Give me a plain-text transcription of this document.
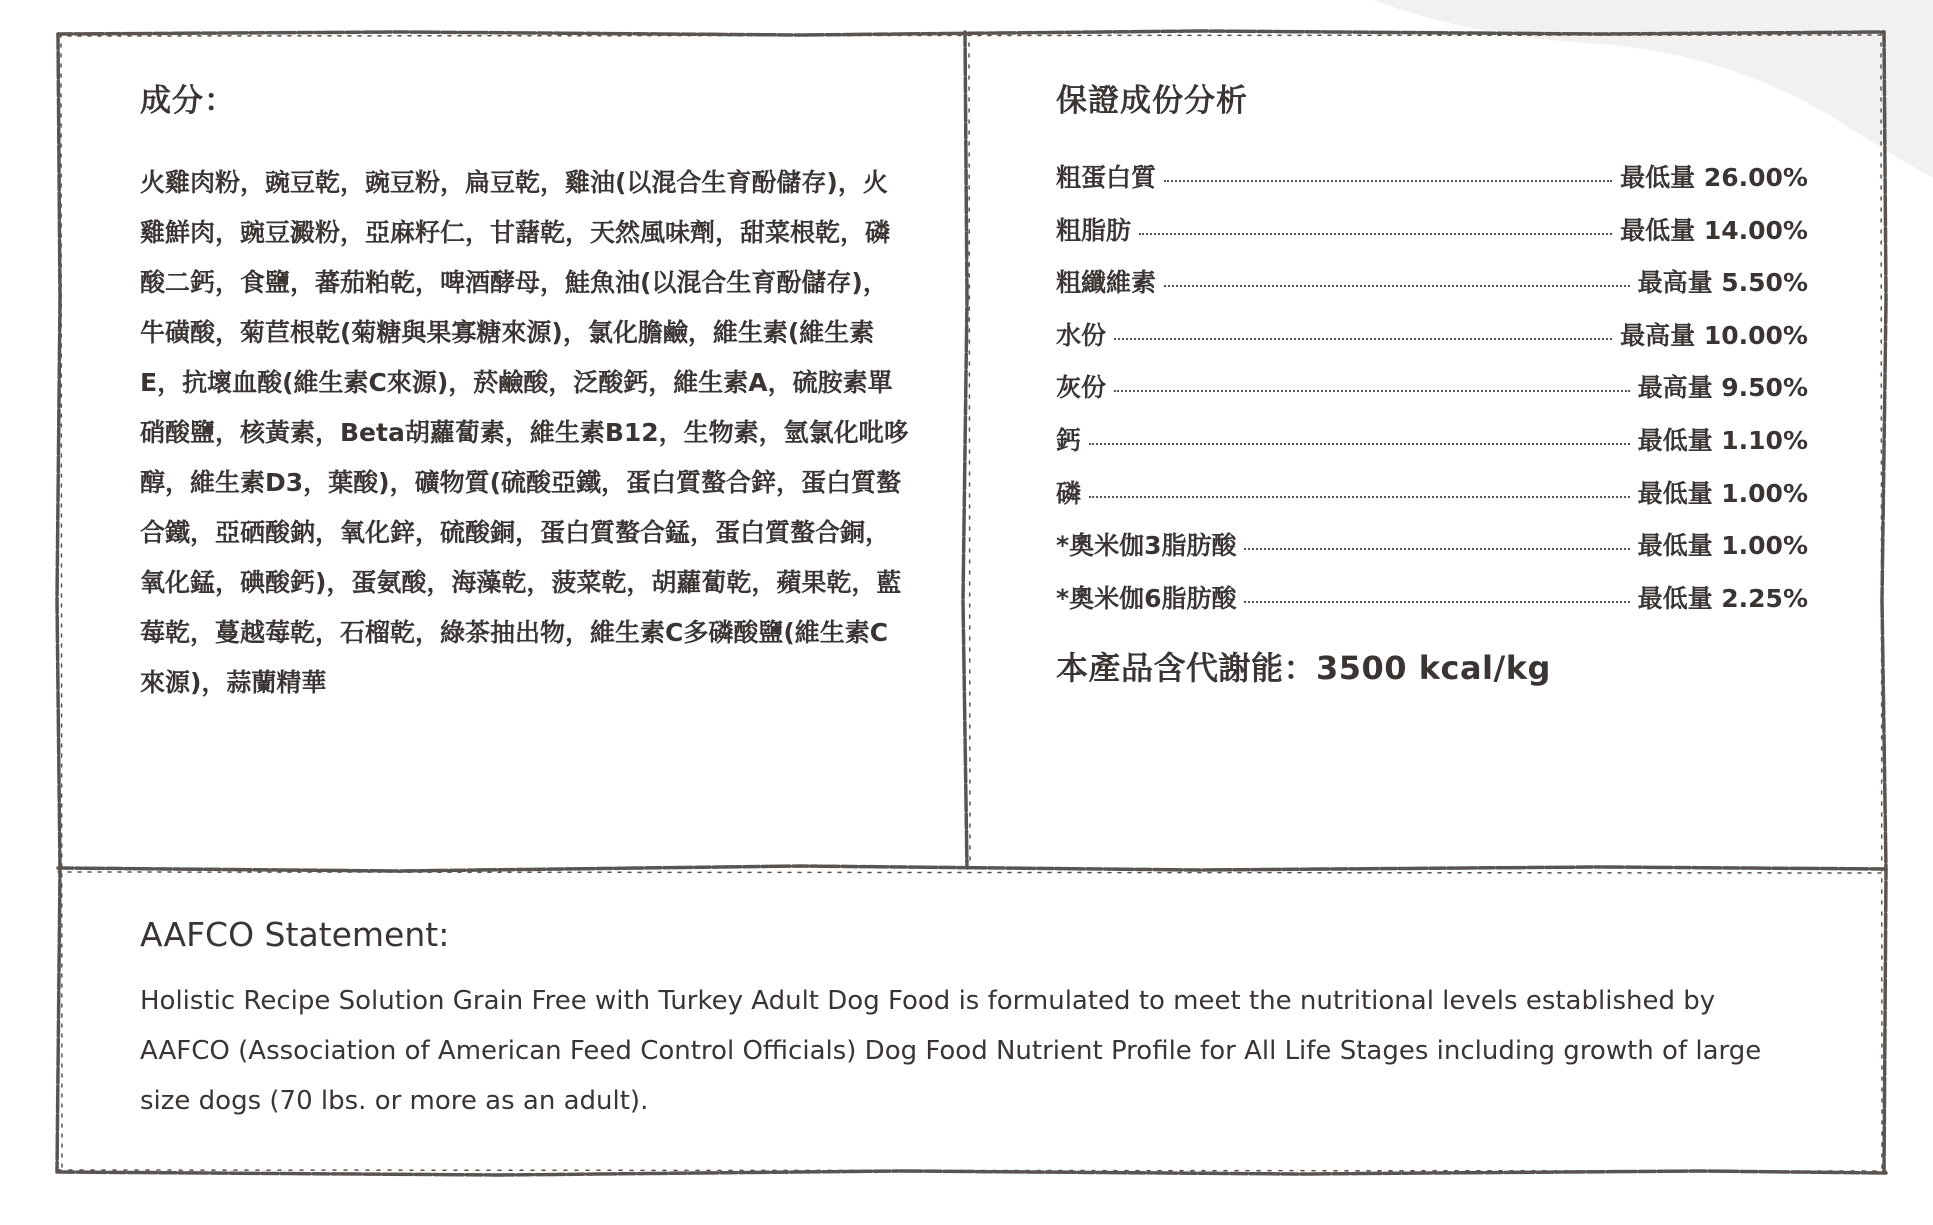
成分：

火雞肉粉，豌豆乾，豌豆粉，扁豆乾，雞油(以混合生育酚儲存)，火雞鮮肉，豌豆澱粉，亞麻籽仁，甘藷乾，天然風味劑，甜菜根乾，磷酸二鈣，食鹽，蕃茄粕乾，啤酒酵母，鮭魚油(以混合生育酚儲存)，牛磺酸，菊苣根乾(菊糖與果寡糖來源)，氯化膽鹼，維生素(維生素E，抗壞血酸(維生素C來源)，菸鹼酸，泛酸鈣，維生素A，硫胺素單硝酸鹽，核黃素，Beta胡蘿蔔素，維生素B12，生物素，氫氯化吡哆醇，維生素D3，葉酸)，礦物質(硫酸亞鐵，蛋白質螯合鋅，蛋白質螯合鐵，亞硒酸鈉，氧化鋅，硫酸銅，蛋白質螯合錳，蛋白質螯合銅，氧化錳，碘酸鈣)，蛋氨酸，海藻乾，菠菜乾，胡蘿蔔乾，蘋果乾，藍莓乾，蔓越莓乾，石榴乾，綠茶抽出物，維生素C多磷酸鹽(維生素C來源)，蒜蘭精華

保證成份分析
粗蛋白質	最低量 26.00%
粗脂肪	最低量 14.00%
粗纖維素	最高量 5.50%
水份	最高量 10.00%
灰份	最高量 9.50%
鈣	最低量 1.10%
磷	最低量 1.00%
*奧米伽3脂肪酸	最低量 1.00%
*奧米伽6脂肪酸	最低量 2.25%
本產品含代謝能：3500 kcal/kg
AAFCO Statement:

Holistic Recipe Solution Grain Free with Turkey Adult Dog Food is formulated to meet the nutritional levels established by AAFCO (Association of American Feed Control Officials) Dog Food Nutrient Profile for All Life Stages including growth of large size dogs (70 lbs. or more as an adult).
